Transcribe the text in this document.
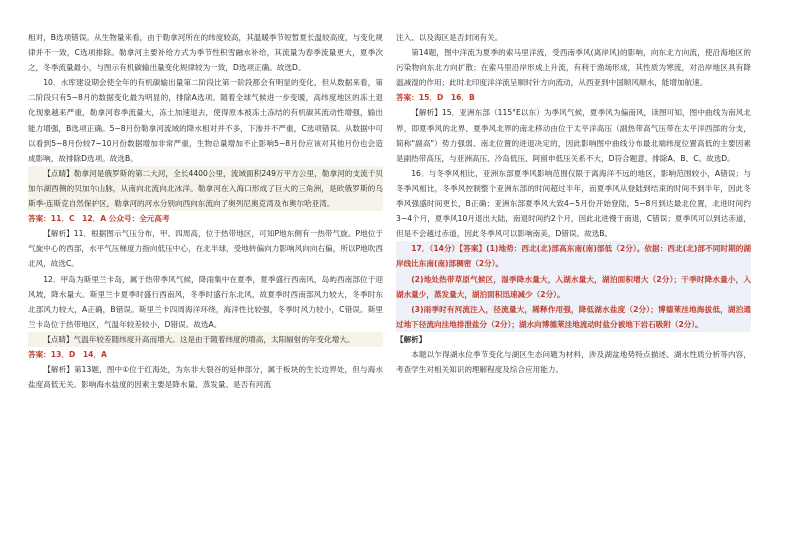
相对，B选项错误。从生物量来看，由于勒拿河所在的纬度较高，其温暖季节短暂夏长温较高度，与变化规律并不一致，C选项排除。勒拿河主要补给方式为季节性积雪融水补给，其流量为春季流量更大，夏季次之，冬季流量最小，与图示有机碳输出量变化规律较为一致，D选项正确。故选D。

10．水库建设期会使全年的有机碳输出量第二阶段比第一阶段都会有明显的变化，但从数据来看，第二阶段只有5~8月的数据变化最为明显的，排除A选项。随着全球气候进一步变暖，高纬度地区的冻土退化现象越来严重，勒拿河春季流量大，冻土加速退去，使得原本被冻土冻结的有机碳其流动性增强，输出能力增强，B选项正确。5~8月份勒拿河流域的降水相对并不多，下渗并不严重，C选项错误。从数据中可以看到5~8月份较7~10月份数据增加非常严重，生物总量增加不止影响5~8月份应该对其他月份也会造成影响，故排除D选项。故选B。

【点睛】勒拿河是俄罗斯的第二大河，全长4400公里，流域面积249万平方公里，勒拿河的支流千贝加尔湖西侧的贝加尔山脉，从南向北流向北冰洋。勒拿河在入海口形成了巨大的三角洲，是欧俄罗斯的乌斯季-连斯克自然保护区，勒拿河的河水分别向西向东流向了奥列尼奥克湾及布奥尔哈亚湾。

答案：11．C　12．A 公众号：全元高考

【解析】11．根据图示气压分布，甲、四周高，位于热带地区，可知P地东侧有一热带气旋。P地位于气旋中心的西部，水平气压梯度力指向低压中心，在北半球，受地转偏向力影响风向向右偏，所以P地吹西北风，故选C。

12．甲岛为斯里兰卡岛，属于热带季风气候，降雨集中在夏季，夏季盛行西南风，岛屿西南部位于迎风坡，降水量大。斯里兰卡夏季时盛行西南风，冬季时盛行东北风，故夏季时西南部风力较大，冬季时东北部风力较大，A正确，B错误。斯里兰卡四周海洋环绕，海洋性比较强，冬季时风力较小，C错误。斯里兰卡岛位于热带地区，气温年较差较小，D错误。故选A。

【点睛】气温年较差随纬度升高而增大。这是由于随着纬度的增高，太阳辐射的年变化增大。

答案：13．D　14．A

【解析】第13题，图中①位于红海处，为东非大裂谷的延伸部分，属于板块的生长边界处，但与海水盐度高低无关。影响海水盐度的因素主要是降水量、蒸发量、是否有河流

注入、以及海区是否封闭有关。

第14题，图中洋流为夏季的索马里洋流，受西南季风(离岸风)的影响，向东北方向流，使沿海地区的污染物向东北方向扩散；在索马里沿岸形成上升流，有利于渔场形成，其性质为寒流，对沿岸地区具有降温减湿的作用；此时北印度洋洋流呈顺时针方向流动，从西亚到中国顺风顺水，能增加航速。

答案：15．D　16．B

【解析】15．亚洲东部（115°E以东）为季风气候，夏季风为偏南风，读图可知，图中曲线为南风北界，即夏季风的北界，夏季风北界的南北移动由位于太平洋高压（副热带高气压带在太平洋西部的分支，简称"副高"）势力强弱、南北位置的进退决定的，因此影响图中曲线分布最北端纬度位置高低的主要因素是副热带高压，与亚洲高压、冷岛低压、阿留申低压关系不大，D符合题意，排除A、B、C。故选D。

16．与冬季风相比，亚洲东部夏季风影响范围仅限于离海洋不远的地区，影响范围较小，A错误；与冬季风相比，冬季风控制整个亚洲东部的时间超过半年，而夏季风从登陆到结束的时间不到半年，因此冬季风强盛时间更长，B正确；亚洲东部夏季风大致4~5月份开始登陆，5~8月到达最北位置，北进时间约3~4个月，夏季风10月退出大陆，南退时间约2个月，因此北进慢于南退，C错误；夏季风可以到达赤道，但是不会越过赤道，因此冬季风可以影响南美，D错误。故选B。

17．（14分）【答案】(1)地势：西北(北)部高东南(南)部低（2分）。依据：西北(北)部不同时期的湖岸线比东南(南)部稠密（2分）。

(2)地处热带草原气候区，湿季降水量大，入湖水量大，湖泊面积增大（2分）；干季时降水量小，入湖水量少，蒸发量大，湖泊面积迅速减少（2分）。

(3)雨季时有河流注入，径流量大，稀释作用强，降低湖水盐度（2分）；博德莱洼地海拔低，湖泊通过地下径流向洼地排泄盐分（2分）；湖水向博德莱洼地流动时盐分被地下岩石吸附（2分）。

【解析】

本题以乍得湖水位季节变化与湖区生态问题为材料，涉及湖盆地势特点描述、湖水性质分析等内容，考查学生对相关知识的理解程度及综合应用能力。
